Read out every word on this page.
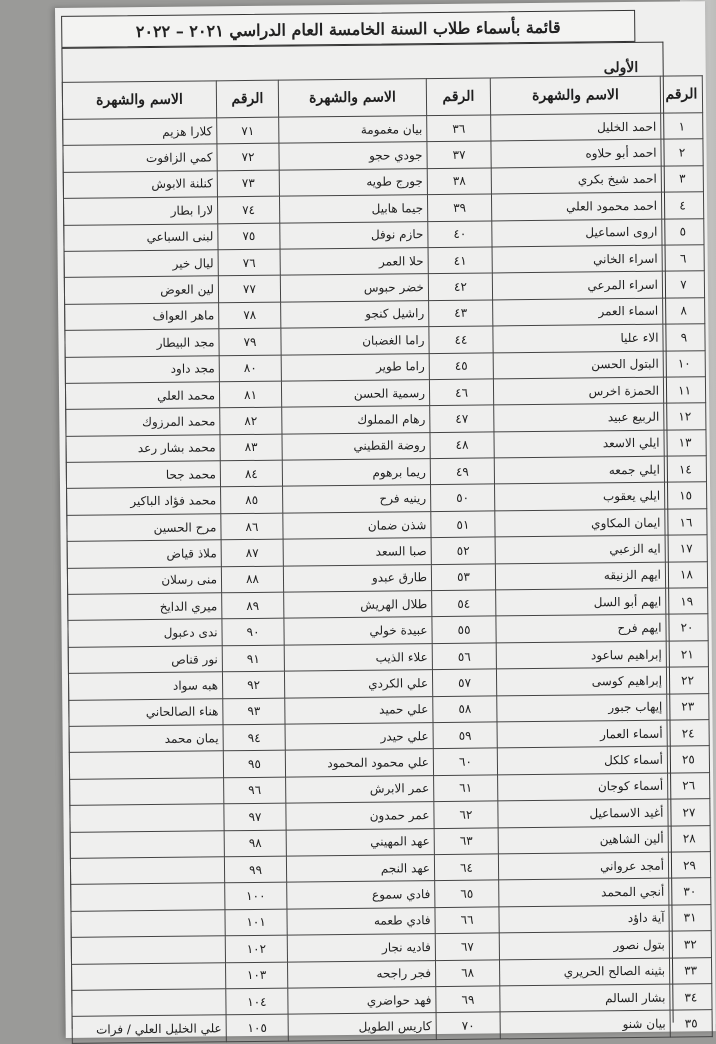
قائمة بأسماء طلاب السنة الخامسة العام الدراسي ٢٠٢١ – ٢٠٢٢
الأولى
الرقم	الاسم والشهرة	الرقم	الاسم والشهرة	الرقم	الاسم والشهرة
١	احمد الخليل	٣٦	بيان مغمومة	٧١	كلارا هزيم
٢	احمد أبو حلاوه	٣٧	جودي حجو	٧٢	كمي الزافوت
٣	احمد شيخ بكري	٣٨	جورج طويه	٧٣	كنلنة الابوش
٤	احمد محمود العلي	٣٩	جيما هابيل	٧٤	لارا بطار
٥	اروى اسماعيل	٤٠	حازم نوفل	٧٥	لبنى السباعي
٦	اسراء الخاني	٤١	حلا العمر	٧٦	ليال خير
٧	اسراء المرعي	٤٢	خضر حبوس	٧٧	لين العوض
٨	اسماء العمر	٤٣	راشيل كنجو	٧٨	ماهر العواف
٩	الاء عليا	٤٤	راما الغضبان	٧٩	مجد البيطار
١٠	البتول الحسن	٤٥	راما طوير	٨٠	مجد داود
١١	الحمزة اخرس	٤٦	رسمية الحسن	٨١	محمد العلي
١٢	الربيع عبيد	٤٧	رهام المملوك	٨٢	محمد المرزوك
١٣	ايلي الاسعد	٤٨	روضة القطيني	٨٣	محمد بشار رعد
١٤	ايلي جمعه	٤٩	ريما برهوم	٨٤	محمد جحا
١٥	ايلي يعقوب	٥٠	رينيه فرح	٨٥	محمد فؤاد الباكير
١٦	ايمان المكاوي	٥١	شذن ضمان	٨٦	مرح الحسين
١٧	ايه الزعبي	٥٢	صبا السعد	٨٧	ملاذ قياض
١٨	ايهم الزنيقه	٥٣	طارق عبدو	٨٨	منى رسلان
١٩	ايهم أبو السل	٥٤	طلال الهريش	٨٩	ميري الدايخ
٢٠	ايهم فرح	٥٥	عبيدة خولي	٩٠	ندى دعبول
٢١	إبراهيم ساعود	٥٦	علاء الذيب	٩١	نور قناص
٢٢	إبراهيم كوسى	٥٧	علي الكردي	٩٢	هبه سواد
٢٣	إيهاب جبور	٥٨	علي حميد	٩٣	هناء الصالحاني
٢٤	أسماء العمار	٥٩	علي حيدر	٩٤	يمان محمد
٢٥	أسماء كلكل	٦٠	علي محمود المحمود	٩٥	
٢٦	أسماء كوجان	٦١	عمر الابرش	٩٦	
٢٧	أغيد الاسماعيل	٦٢	عمر حمدون	٩٧	
٢٨	ألين الشاهين	٦٣	عهد المهيني	٩٨	
٢٩	أمجد عرواني	٦٤	عهد النجم	٩٩	
٣٠	أنجي المحمد	٦٥	فادي سموع	١٠٠	
٣١	آية داؤد	٦٦	فادي طعمه	١٠١	
٣٢	بتول نصور	٦٧	فاديه نجار	١٠٢	
٣٣	بثينه الصالح الحريري	٦٨	فجر راجحه	١٠٣	
٣٤	بشار السالم	٦٩	فهد حواضري	١٠٤	
٣٥	بيان شنو	٧٠	كاريس الطويل	١٠٥	علي الخليل العلي / فرات
